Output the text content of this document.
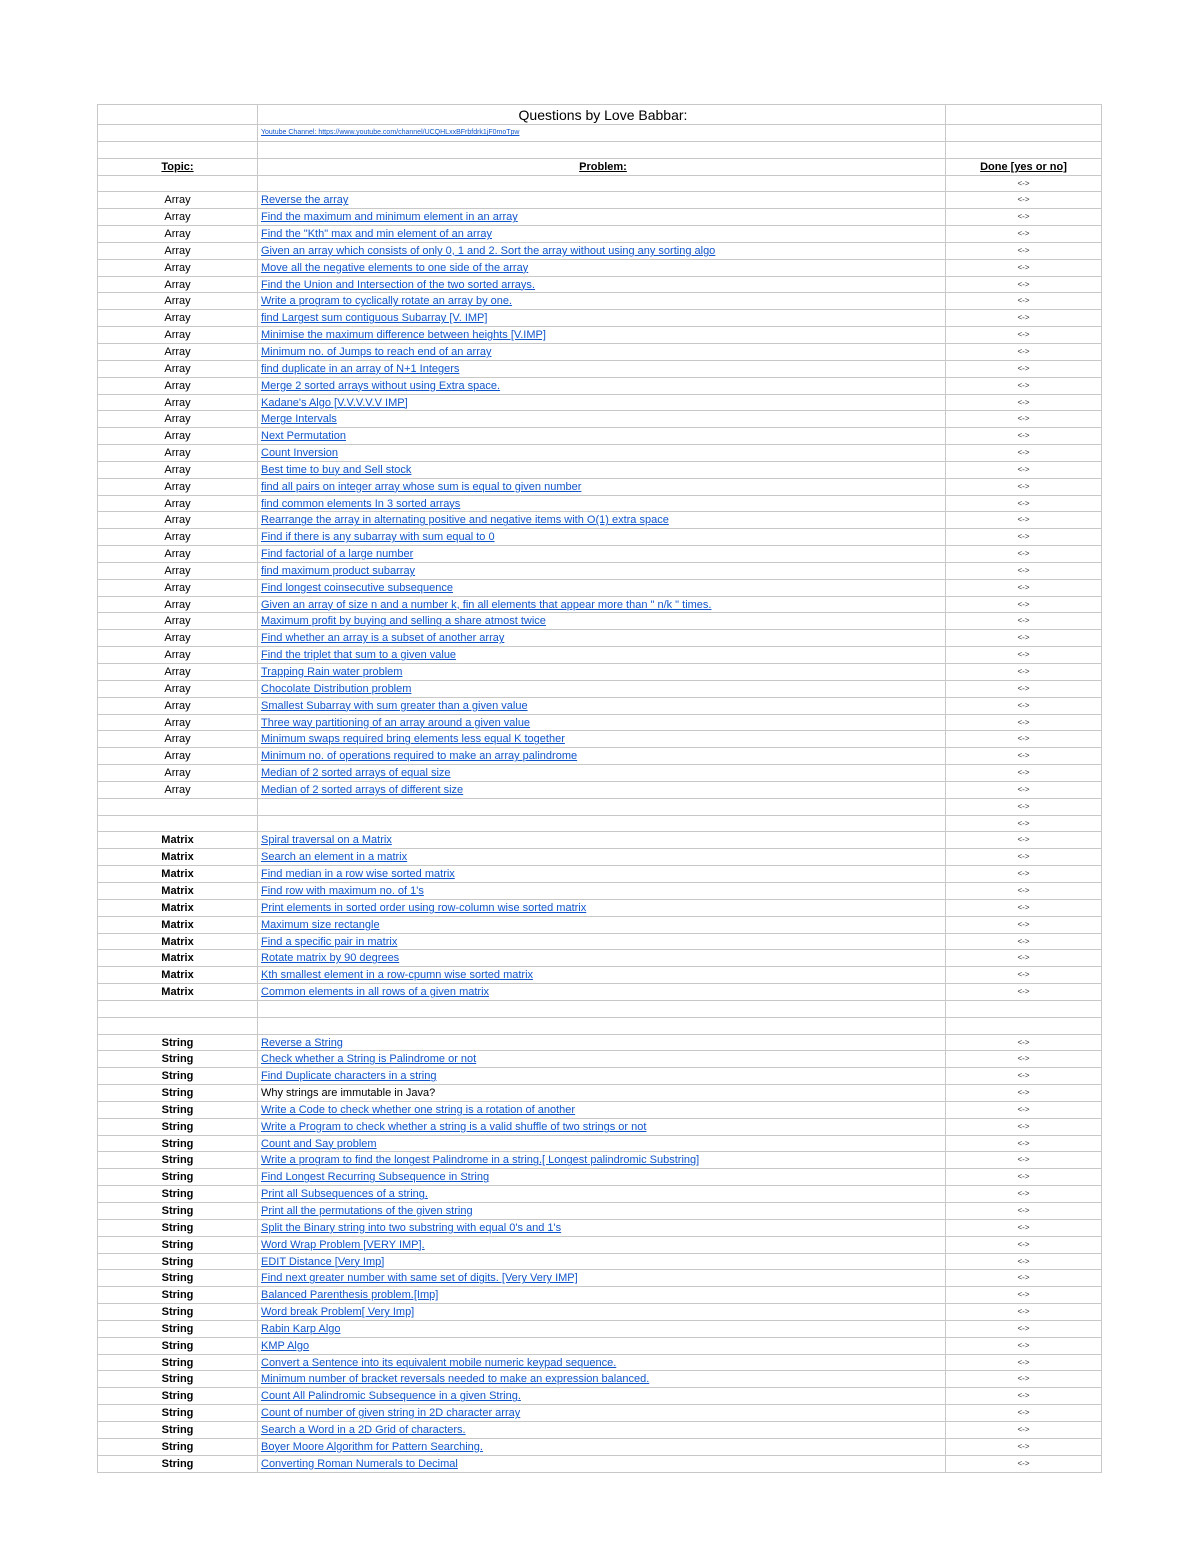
Questions by Love Babbar:
Youtube Channel: https://www.youtube.com/channel/UCQHLxxBFrbfdrk1jF0moTpw
Topic:	Problem:	Done [yes or no]
<->
Array	Reverse the array	<->
Array	Find the maximum and minimum element in an array	<->
Array	Find the "Kth" max and min element of an array	<->
Array	Given an array which consists of only 0, 1 and 2. Sort the array without using any sorting algo	<->
Array	Move all the negative elements to one side of the array	<->
Array	Find the Union and Intersection of the two sorted arrays.	<->
Array	Write a program to cyclically rotate an array by one.	<->
Array	find Largest sum contiguous Subarray [V. IMP]	<->
Array	Minimise the maximum difference between heights [V.IMP]	<->
Array	Minimum no. of Jumps to reach end of an array	<->
Array	find duplicate in an array of N+1 Integers	<->
Array	Merge 2 sorted arrays without using Extra space.	<->
Array	Kadane's Algo [V.V.V.V.V IMP]	<->
Array	Merge Intervals	<->
Array	Next Permutation	<->
Array	Count Inversion	<->
Array	Best time to buy and Sell stock	<->
Array	find all pairs on integer array whose sum is equal to given number	<->
Array	find common elements In 3 sorted arrays	<->
Array	Rearrange the array in alternating positive and negative items with O(1) extra space	<->
Array	Find if there is any subarray with sum equal to 0	<->
Array	Find factorial of a large number	<->
Array	find maximum product subarray	<->
Array	Find longest coinsecutive subsequence	<->
Array	Given an array of size n and a number k, fin all elements that appear more than " n/k " times.	<->
Array	Maximum profit by buying and selling a share atmost twice	<->
Array	Find whether an array is a subset of another array	<->
Array	Find the triplet that sum to a given value	<->
Array	Trapping Rain water problem	<->
Array	Chocolate Distribution problem	<->
Array	Smallest Subarray with sum greater than a given value	<->
Array	Three way partitioning of an array around a given value	<->
Array	Minimum swaps required bring elements less equal K together	<->
Array	Minimum no. of operations required to make an array palindrome	<->
Array	Median of 2 sorted arrays of equal size	<->
Array	Median of 2 sorted arrays of different size	<->
<->
<->
Matrix	Spiral traversal on a Matrix	<->
Matrix	Search an element in a matrix	<->
Matrix	Find median in a row wise sorted matrix	<->
Matrix	Find row with maximum no. of 1's	<->
Matrix	Print elements in sorted order using row-column wise sorted matrix	<->
Matrix	Maximum size rectangle	<->
Matrix	Find a specific pair in matrix	<->
Matrix	Rotate matrix by 90 degrees	<->
Matrix	Kth smallest element in a row-cpumn wise sorted matrix	<->
Matrix	Common elements in all rows of a given matrix	<->
String	Reverse a String	<->
String	Check whether a String is Palindrome or not	<->
String	Find Duplicate characters in a string	<->
String	Why strings are immutable in Java?	<->
String	Write a Code to check whether one string is a rotation of another	<->
String	Write a Program to check whether a string is a valid shuffle of two strings or not	<->
String	Count and Say problem	<->
String	Write a program to find the longest Palindrome in a string.[ Longest palindromic Substring]	<->
String	Find Longest Recurring Subsequence in String	<->
String	Print all Subsequences of a string.	<->
String	Print all the permutations of the given string	<->
String	Split the Binary string into two substring with equal 0's and 1's	<->
String	Word Wrap Problem [VERY IMP].	<->
String	EDIT Distance [Very Imp]	<->
String	Find next greater number with same set of digits. [Very Very IMP]	<->
String	Balanced Parenthesis problem.[Imp]	<->
String	Word break Problem[ Very Imp]	<->
String	Rabin Karp Algo	<->
String	KMP Algo	<->
String	Convert a Sentence into its equivalent mobile numeric keypad sequence.	<->
String	Minimum number of bracket reversals needed to make an expression balanced.	<->
String	Count All Palindromic Subsequence in a given String.	<->
String	Count of number of given string in 2D character array	<->
String	Search a Word in a 2D Grid of characters.	<->
String	Boyer Moore Algorithm for Pattern Searching.	<->
String	Converting Roman Numerals to Decimal	<->
